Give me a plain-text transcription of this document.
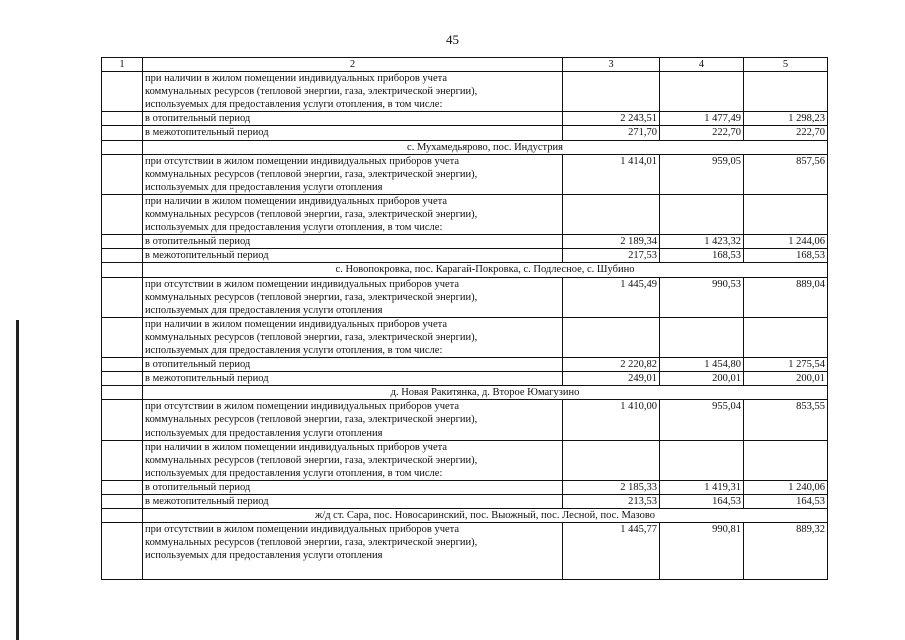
45
1	2	3	4	5

	при наличии в жилом помещении индивидуальных приборов учета
коммунальных ресурсов (тепловой энергии, газа, электрической энергии),
используемых для предоставления услуги отопления, в том числе:			

	в отопительный период	2 243,51	1 477,49	1 298,23

	в межотопительный период	271,70	222,70	222,70
	с. Мухамедьярово, пос. Индустрия			

	при отсутствии в жилом помещении индивидуальных приборов учета
коммунальных ресурсов (тепловой энергии, газа, электрической энергии),
используемых для предоставления услуги отопления	1 414,01	959,05	857,56

	при наличии в жилом помещении индивидуальных приборов учета
коммунальных ресурсов (тепловой энергии, газа, электрической энергии),
используемых для предоставления услуги отопления, в том числе:			

	в отопительный период	2 189,34	1 423,32	1 244,06

	в межотопительный период	217,53	168,53	168,53
	с. Новопокровка, пос. Карагай-Покровка, с. Подлесное, с. Шубино			

	при отсутствии в жилом помещении индивидуальных приборов учета
коммунальных ресурсов (тепловой энергии, газа, электрической энергии),
используемых для предоставления услуги отопления	1 445,49	990,53	889,04

	при наличии в жилом помещении индивидуальных приборов учета
коммунальных ресурсов (тепловой энергии, газа, электрической энергии),
используемых для предоставления услуги отопления, в том числе:			

	в отопительный период	2 220,82	1 454,80	1 275,54

	в межотопительный период	249,01	200,01	200,01
	д. Новая Ракитянка, д. Второе Юмагузино			

	при отсутствии в жилом помещении индивидуальных приборов учета
коммунальных ресурсов (тепловой энергии, газа, электрической энергии),
используемых для предоставления услуги отопления	1 410,00	955,04	853,55

	при наличии в жилом помещении индивидуальных приборов учета
коммунальных ресурсов (тепловой энергии, газа, электрической энергии),
используемых для предоставления услуги отопления, в том числе:			

	в отопительный период	2 185,33	1 419,31	1 240,06

	в межотопительный период	213,53	164,53	164,53
	ж/д ст. Сара, пос. Новосаринский, пос. Выожный, пос. Лесной, пос. Мазово			

	при отсутствии в жилом помещении индивидуальных приборов учета
коммунальных ресурсов (тепловой энергии, газа, электрической энергии),
используемых для предоставления услуги отопления	1 445,77	990,81	889,32
